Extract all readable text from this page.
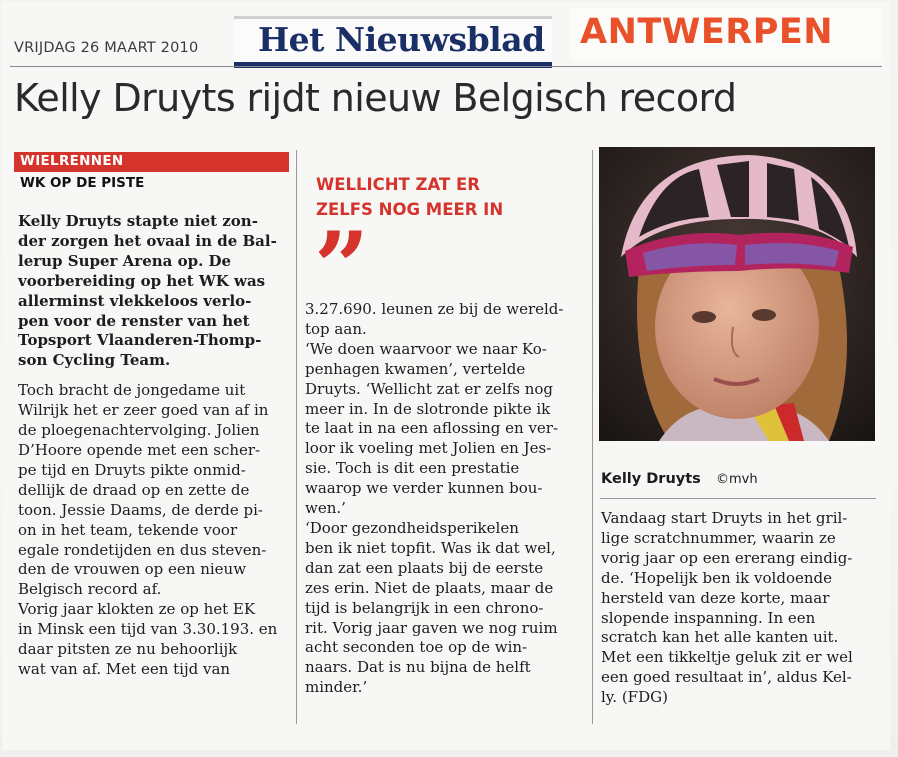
VRIJDAG 26 MAART 2010 Het Nieuwsblad ANTWERPEN
Kelly Druyts rijdt nieuw Belgisch record
WIELRENNEN
WK OP DE PISTE

Kelly Druyts stapte niet zon-

der zorgen het ovaal in de Bal-

lerup Super Arena op. De

voorbereiding op het WK was

allerminst vlekkeloos verlo-

pen voor de renster van het

Topsport Vlaanderen-Thomp-

son Cycling Team.

Toch bracht de jongedame uit

Wilrijk het er zeer goed van af in

de ploegenachtervolging. Jolien

D’Hoore opende met een scher-

pe tijd en Druyts pikte onmid-

dellijk de draad op en zette de

toon. Jessie Daams, de derde pi-

on in het team, tekende voor

egale rondetijden en dus steven-

den de vrouwen op een nieuw

Belgisch record af.

Vorig jaar klokten ze op het EK

in Minsk een tijd van 3.30.193. en

daar pitsten ze nu behoorlijk

wat van af. Met een tijd van

WELLICHT ZAT ER
ZELFS NOG MEER IN
”

3.27.690. leunen ze bij de wereld-

top aan.

‘We doen waarvoor we naar Ko-

penhagen kwamen’, vertelde

Druyts. ‘Wellicht zat er zelfs nog

meer in. In de slotronde pikte ik

te laat in na een aflossing en ver-

loor ik voeling met Jolien en Jes-

sie. Toch is dit een prestatie

waarop we verder kunnen bou-

wen.’

‘Door gezondheidsperikelen

ben ik niet topfit. Was ik dat wel,

dan zat een plaats bij de eerste

zes erin. Niet de plaats, maar de

tijd is belangrijk in een chrono-

rit. Vorig jaar gaven we nog ruim

acht seconden toe op de win-

naars. Dat is nu bijna de helft

minder.’

Kelly Druyts ©mvh

Vandaag start Druyts in het gril-

lige scratchnummer, waarin ze

vorig jaar op een ererang eindig-

de. ‘Hopelijk ben ik voldoende

hersteld van deze korte, maar

slopende inspanning. In een

scratch kan het alle kanten uit.

Met een tikkeltje geluk zit er wel

een goed resultaat in’, aldus Kel-

ly. (FDG)
